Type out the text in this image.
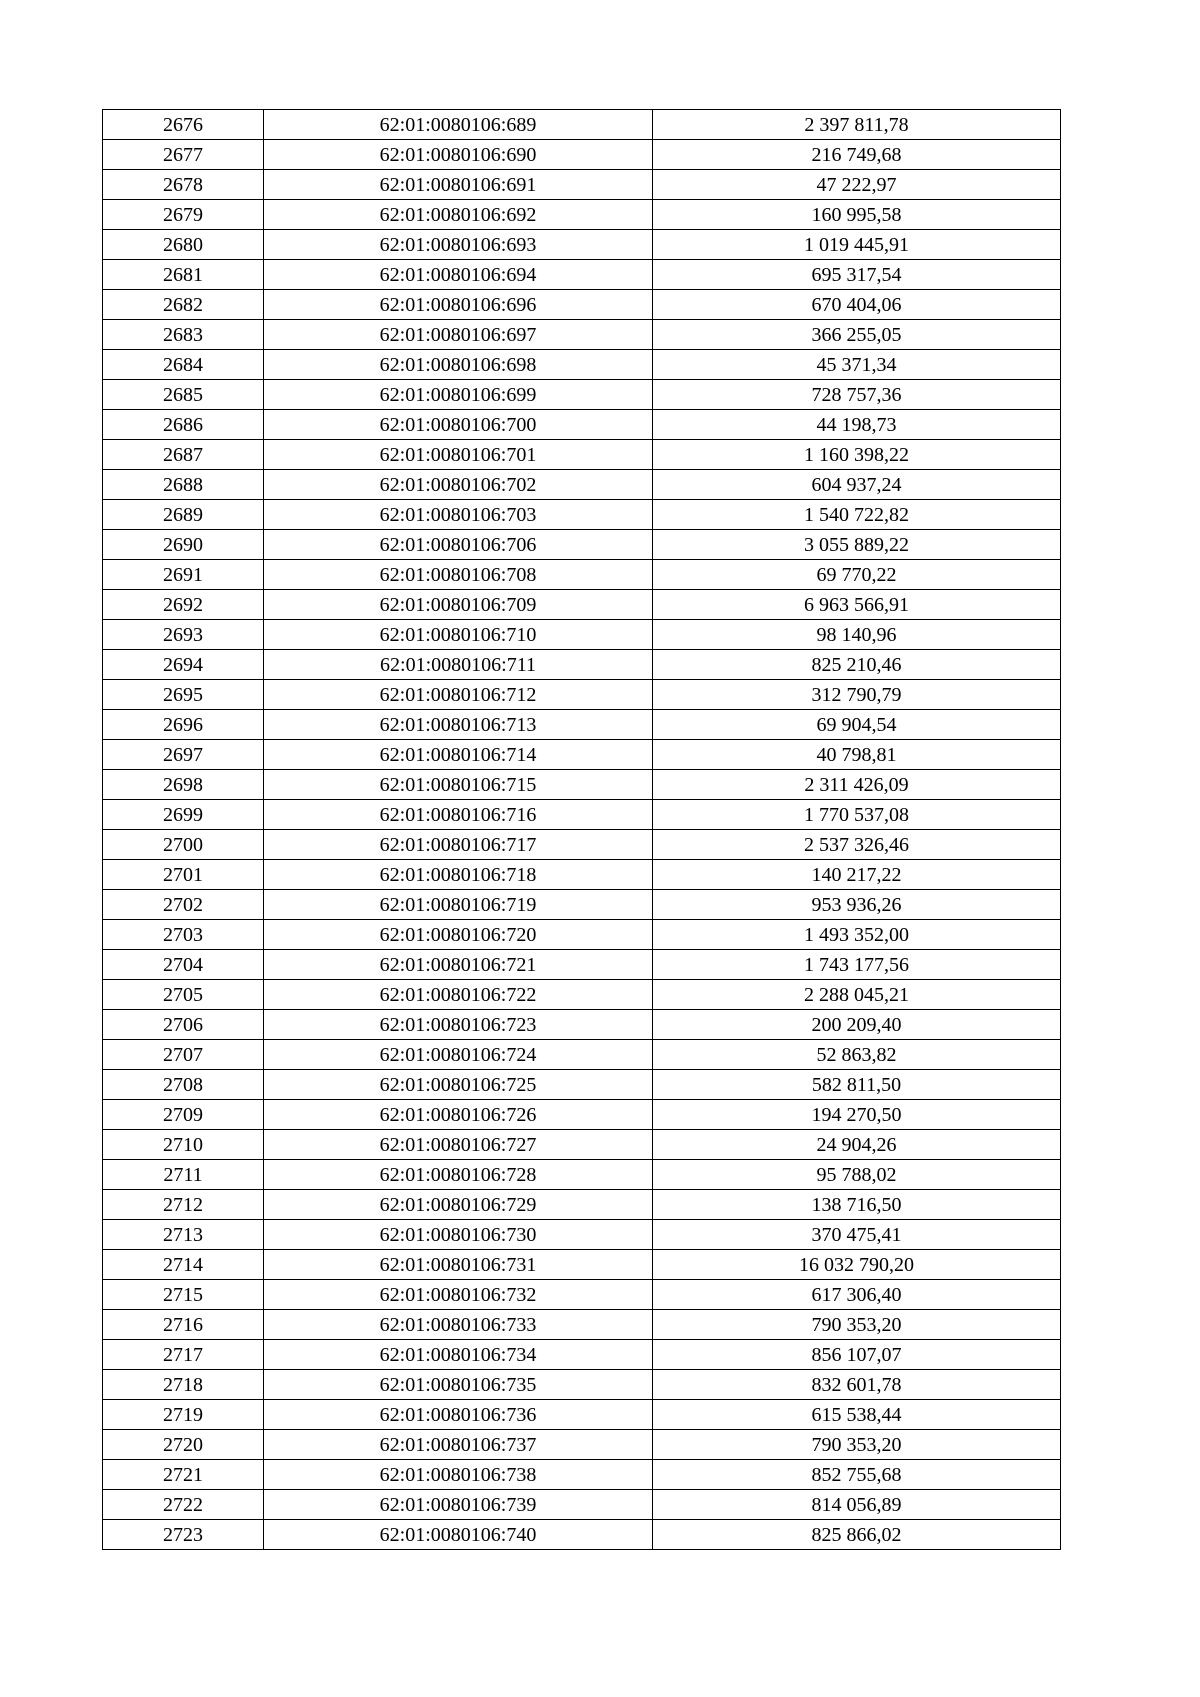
2676	62:01:0080106:689	2 397 811,78
2677	62:01:0080106:690	216 749,68
2678	62:01:0080106:691	47 222,97
2679	62:01:0080106:692	160 995,58
2680	62:01:0080106:693	1 019 445,91
2681	62:01:0080106:694	695 317,54
2682	62:01:0080106:696	670 404,06
2683	62:01:0080106:697	366 255,05
2684	62:01:0080106:698	45 371,34
2685	62:01:0080106:699	728 757,36
2686	62:01:0080106:700	44 198,73
2687	62:01:0080106:701	1 160 398,22
2688	62:01:0080106:702	604 937,24
2689	62:01:0080106:703	1 540 722,82
2690	62:01:0080106:706	3 055 889,22
2691	62:01:0080106:708	69 770,22
2692	62:01:0080106:709	6 963 566,91
2693	62:01:0080106:710	98 140,96
2694	62:01:0080106:711	825 210,46
2695	62:01:0080106:712	312 790,79
2696	62:01:0080106:713	69 904,54
2697	62:01:0080106:714	40 798,81
2698	62:01:0080106:715	2 311 426,09
2699	62:01:0080106:716	1 770 537,08
2700	62:01:0080106:717	2 537 326,46
2701	62:01:0080106:718	140 217,22
2702	62:01:0080106:719	953 936,26
2703	62:01:0080106:720	1 493 352,00
2704	62:01:0080106:721	1 743 177,56
2705	62:01:0080106:722	2 288 045,21
2706	62:01:0080106:723	200 209,40
2707	62:01:0080106:724	52 863,82
2708	62:01:0080106:725	582 811,50
2709	62:01:0080106:726	194 270,50
2710	62:01:0080106:727	24 904,26
2711	62:01:0080106:728	95 788,02
2712	62:01:0080106:729	138 716,50
2713	62:01:0080106:730	370 475,41
2714	62:01:0080106:731	16 032 790,20
2715	62:01:0080106:732	617 306,40
2716	62:01:0080106:733	790 353,20
2717	62:01:0080106:734	856 107,07
2718	62:01:0080106:735	832 601,78
2719	62:01:0080106:736	615 538,44
2720	62:01:0080106:737	790 353,20
2721	62:01:0080106:738	852 755,68
2722	62:01:0080106:739	814 056,89
2723	62:01:0080106:740	825 866,02
